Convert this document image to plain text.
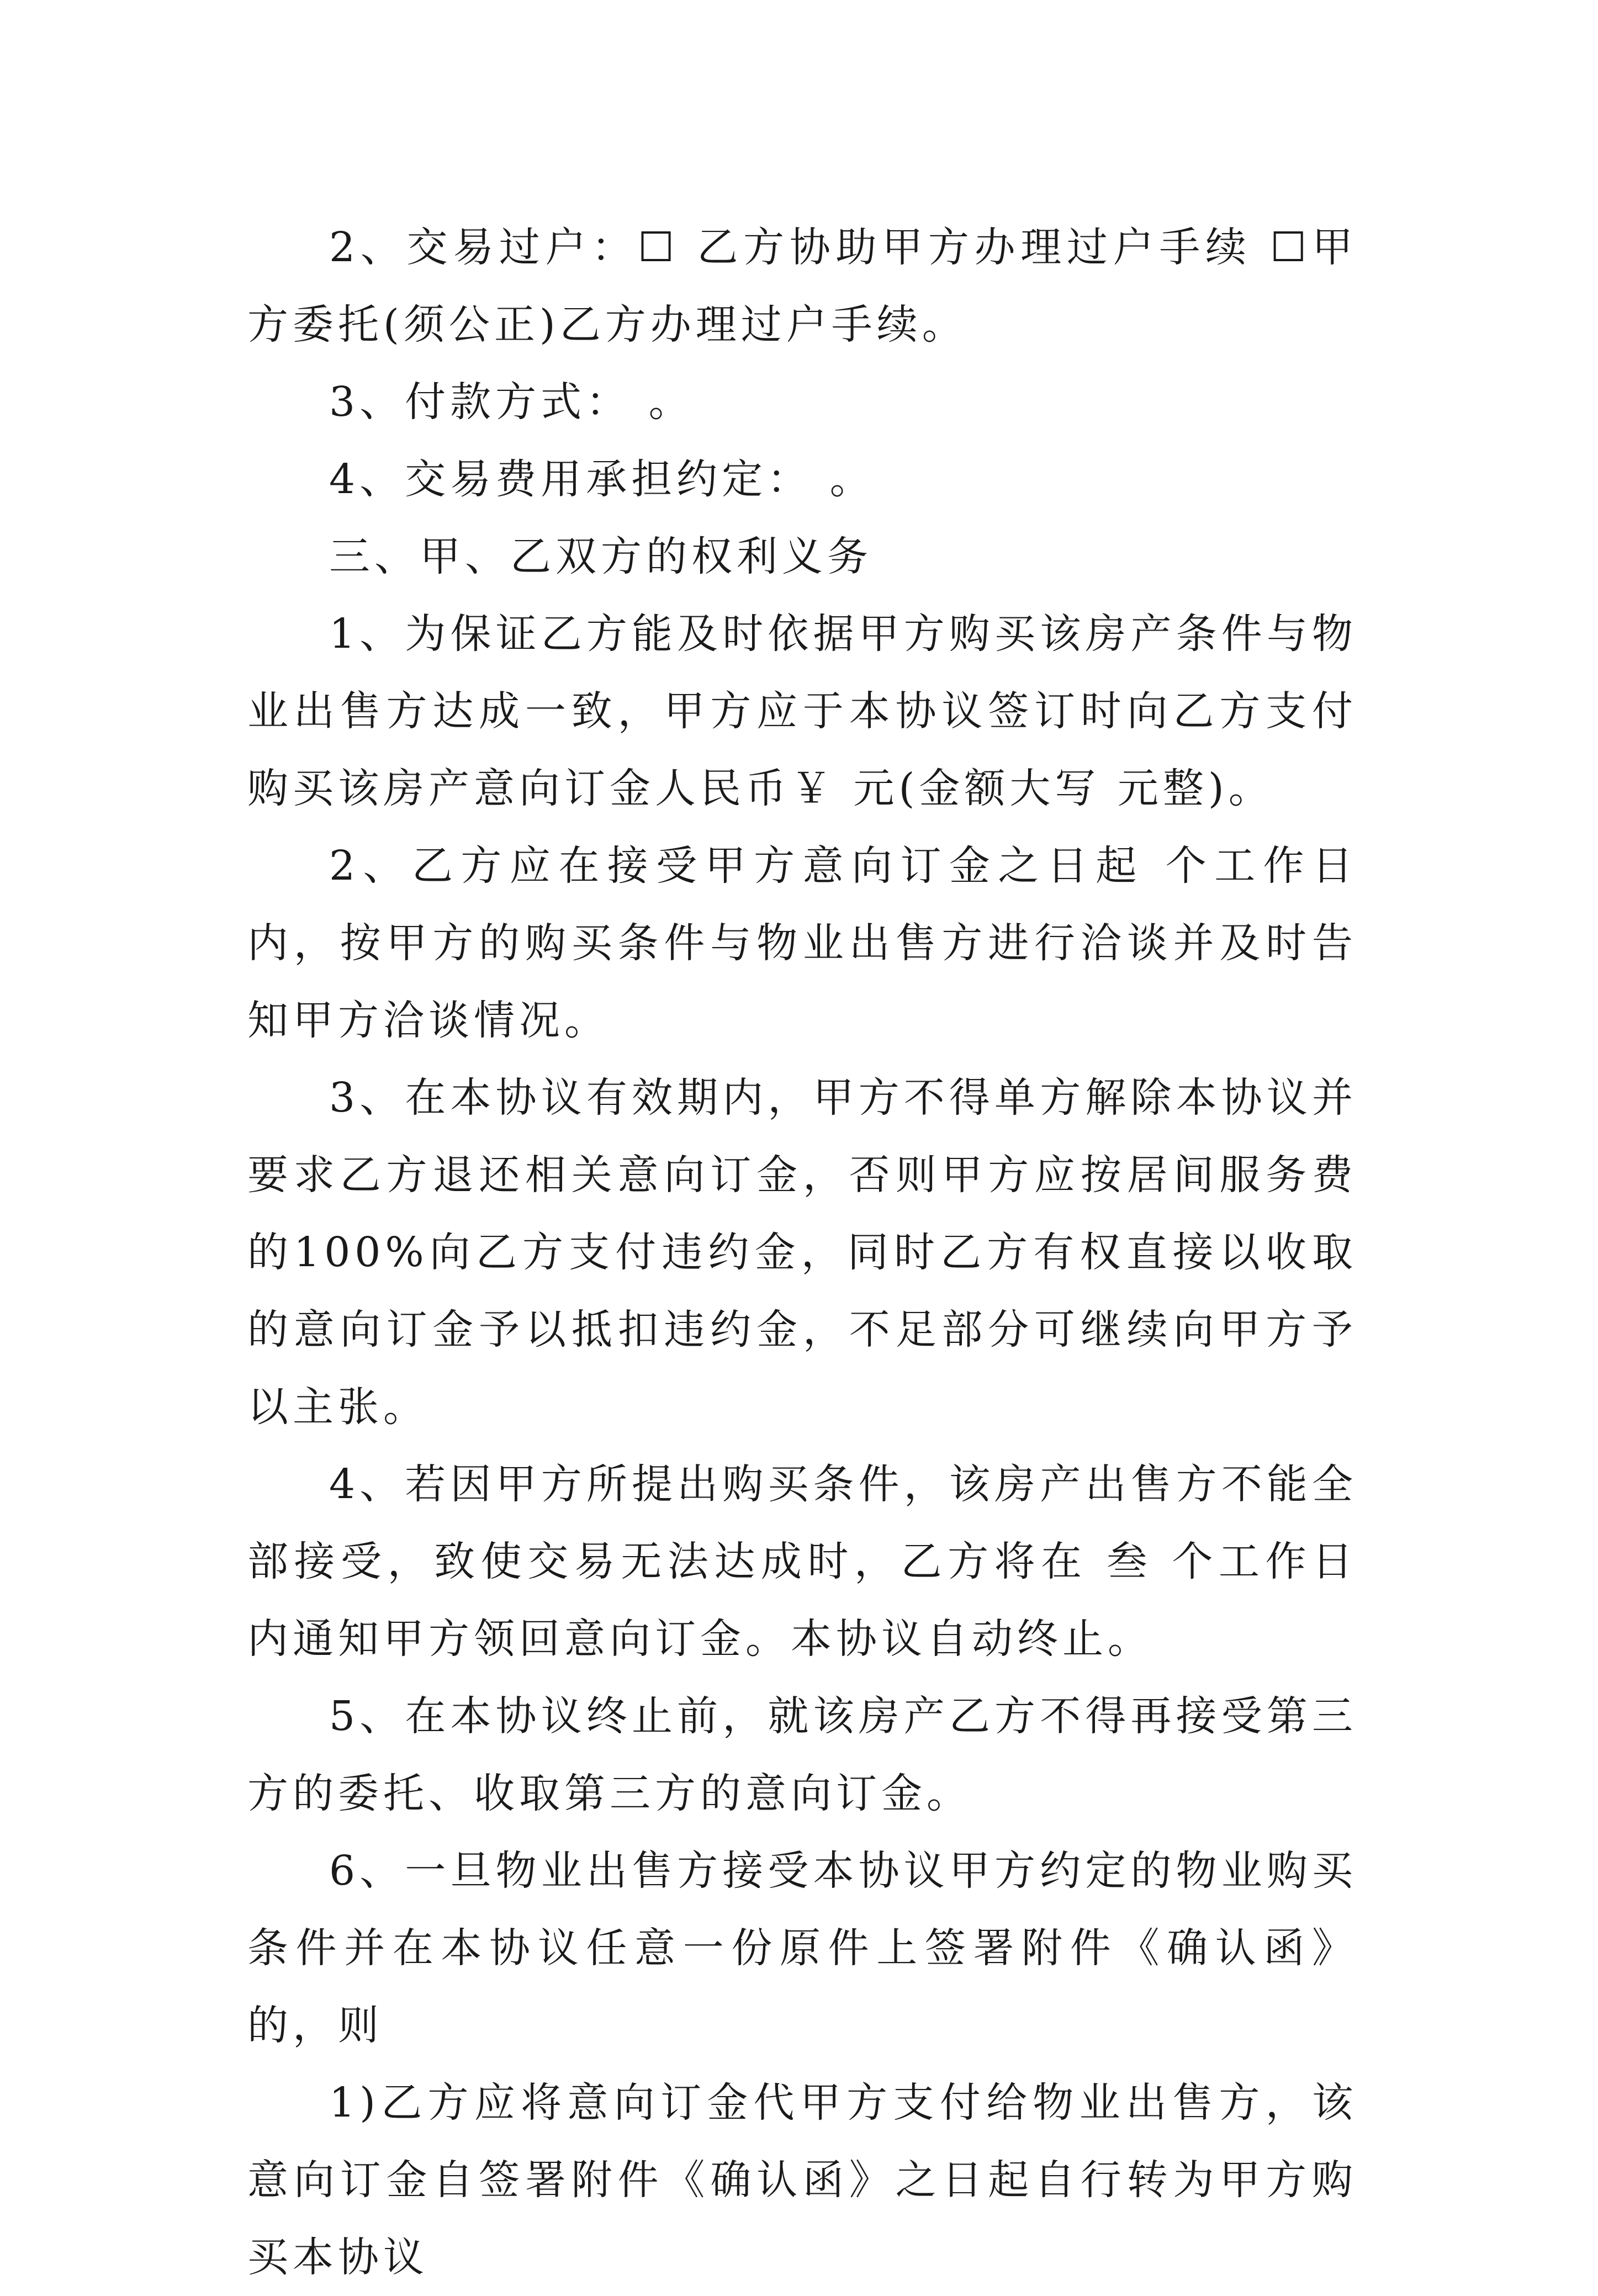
2、交易过户：☐ 乙方协助甲方办理过户手续 ☐甲方委托(须公正)乙方办理过户手续。

3、付款方式： 。

4、交易费用承担约定： 。

三、甲、乙双方的权利义务

1、为保证乙方能及时依据甲方购买该房产条件与物业出售方达成一致，甲方应于本协议签订时向乙方支付购买该房产意向订金人民币￥ 元(金额大写 元整)。

2、乙方应在接受甲方意向订金之日起 个工作日内，按甲方的购买条件与物业出售方进行洽谈并及时告知甲方洽谈情况。

3、在本协议有效期内，甲方不得单方解除本协议并要求乙方退还相关意向订金，否则甲方应按居间服务费的100%向乙方支付违约金，同时乙方有权直接以收取的意向订金予以抵扣违约金，不足部分可继续向甲方予以主张。

4、若因甲方所提出购买条件，该房产出售方不能全部接受，致使交易无法达成时，乙方将在 叁 个工作日内通知甲方领回意向订金。本协议自动终止。

5、在本协议终止前，就该房产乙方不得再接受第三方的委托、收取第三方的意向订金。

6、一旦物业出售方接受本协议甲方约定的物业购买条件并在本协议任意一份原件上签署附件《确认函》的，则

1)乙方应将意向订金代甲方支付给物业出售方，该意向订金自签署附件《确认函》之日起自行转为甲方购买本协议
